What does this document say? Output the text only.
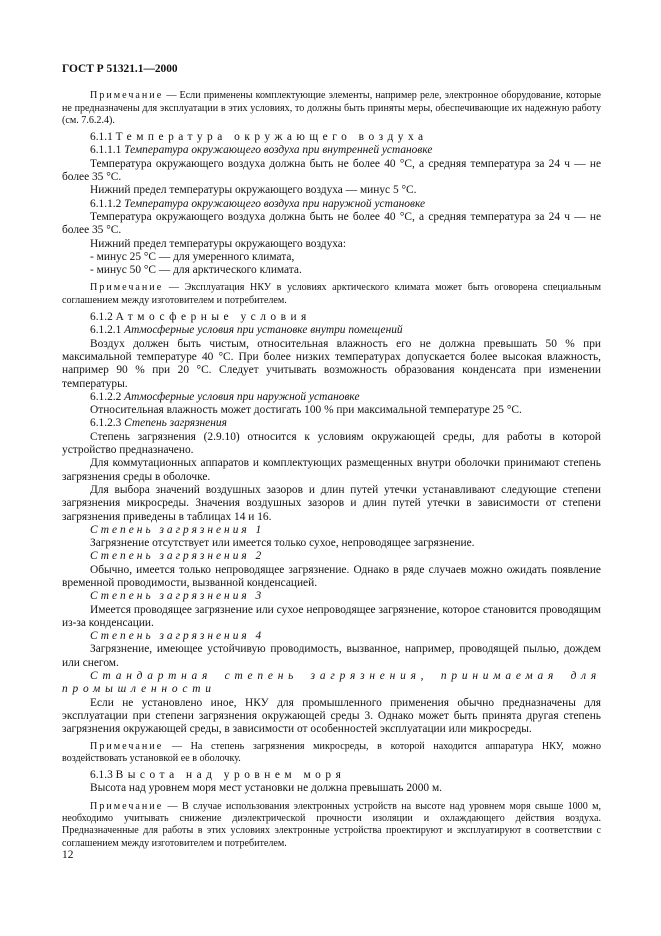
ГОСТ Р 51321.1—2000

Примечание — Если применены комплектующие элементы, например реле, электронное оборудование, которые не предназначены для эксплуатации в этих условиях, то должны быть приняты меры, обеспечивающие их надежную работу (см. 7.6.2.4).

6.1.1 Температура окружающего воздуха

6.1.1.1 Температура окружающего воздуха при внутренней установке

Температура окружающего воздуха должна быть не более 40 °С, а средняя температура за 24 ч — не более 35 °С.

Нижний предел температуры окружающего воздуха — минус 5 °С.

6.1.1.2 Температура окружающего воздуха при наружной установке

Температура окружающего воздуха должна быть не более 40 °С, а средняя температура за 24 ч — не более 35 °С.

Нижний предел температуры окружающего воздуха:

- минус 25 °С — для умеренного климата,

- минус 50 °С — для арктического климата.

Примечание — Эксплуатация НКУ в условиях арктического климата может быть оговорена специальным соглашением между изготовителем и потребителем.

6.1.2 Атмосферные условия

6.1.2.1 Атмосферные условия при установке внутри помещений

Воздух должен быть чистым, относительная влажность его не должна превышать 50 % при максимальной температуре 40 °С. При более низких температурах допускается более высокая влажность, например 90 % при 20 °С. Следует учитывать возможность образования конденсата при изменении температуры.

6.1.2.2 Атмосферные условия при наружной установке

Относительная влажность может достигать 100 % при максимальной температуре 25 °С.

6.1.2.3 Степень загрязнения

Степень загрязнения (2.9.10) относится к условиям окружающей среды, для работы в которой устройство предназначено.

Для коммутационных аппаратов и комплектующих размещенных внутри оболочки принимают степень загрязнения среды в оболочке.

Для выбора значений воздушных зазоров и длин путей утечки устанавливают следующие степени загрязнения микросреды. Значения воздушных зазоров и длин путей утечки в зависимости от степени загрязнения приведены в таблицах 14 и 16.

Степень загрязнения 1

Загрязнение отсутствует или имеется только сухое, непроводящее загрязнение.

Степень загрязнения 2

Обычно, имеется только непроводящее загрязнение. Однако в ряде случаев можно ожидать появление временной проводимости, вызванной конденсацией.

Степень загрязнения 3

Имеется проводящее загрязнение или сухое непроводящее загрязнение, которое становится проводящим из-за конденсации.

Степень загрязнения 4

Загрязнение, имеющее устойчивую проводимость, вызванное, например, проводящей пылью, дождем или снегом.

Стандартная степень загрязнения, принимаемая для промышленности

Если не установлено иное, НКУ для промышленного применения обычно предназначены для эксплуатации при степени загрязнения окружающей среды 3. Однако может быть принята другая степень загрязнения окружающей среды, в зависимости от особенностей эксплуатации или микросреды.

Примечание — На степень загрязнения микросреды, в которой находится аппаратура НКУ, можно воздействовать установкой ее в оболочку.

6.1.3 Высота над уровнем моря

Высота над уровнем моря мест установки не должна превышать 2000 м.

Примечание — В случае использования электронных устройств на высоте над уровнем моря свыше 1000 м, необходимо учитывать снижение диэлектрической прочности изоляции и охлаждающего действия воздуха. Предназначенные для работы в этих условиях электронные устройства проектируют и эксплуатируют в соответствии с соглашением между изготовителем и потребителем.

12
